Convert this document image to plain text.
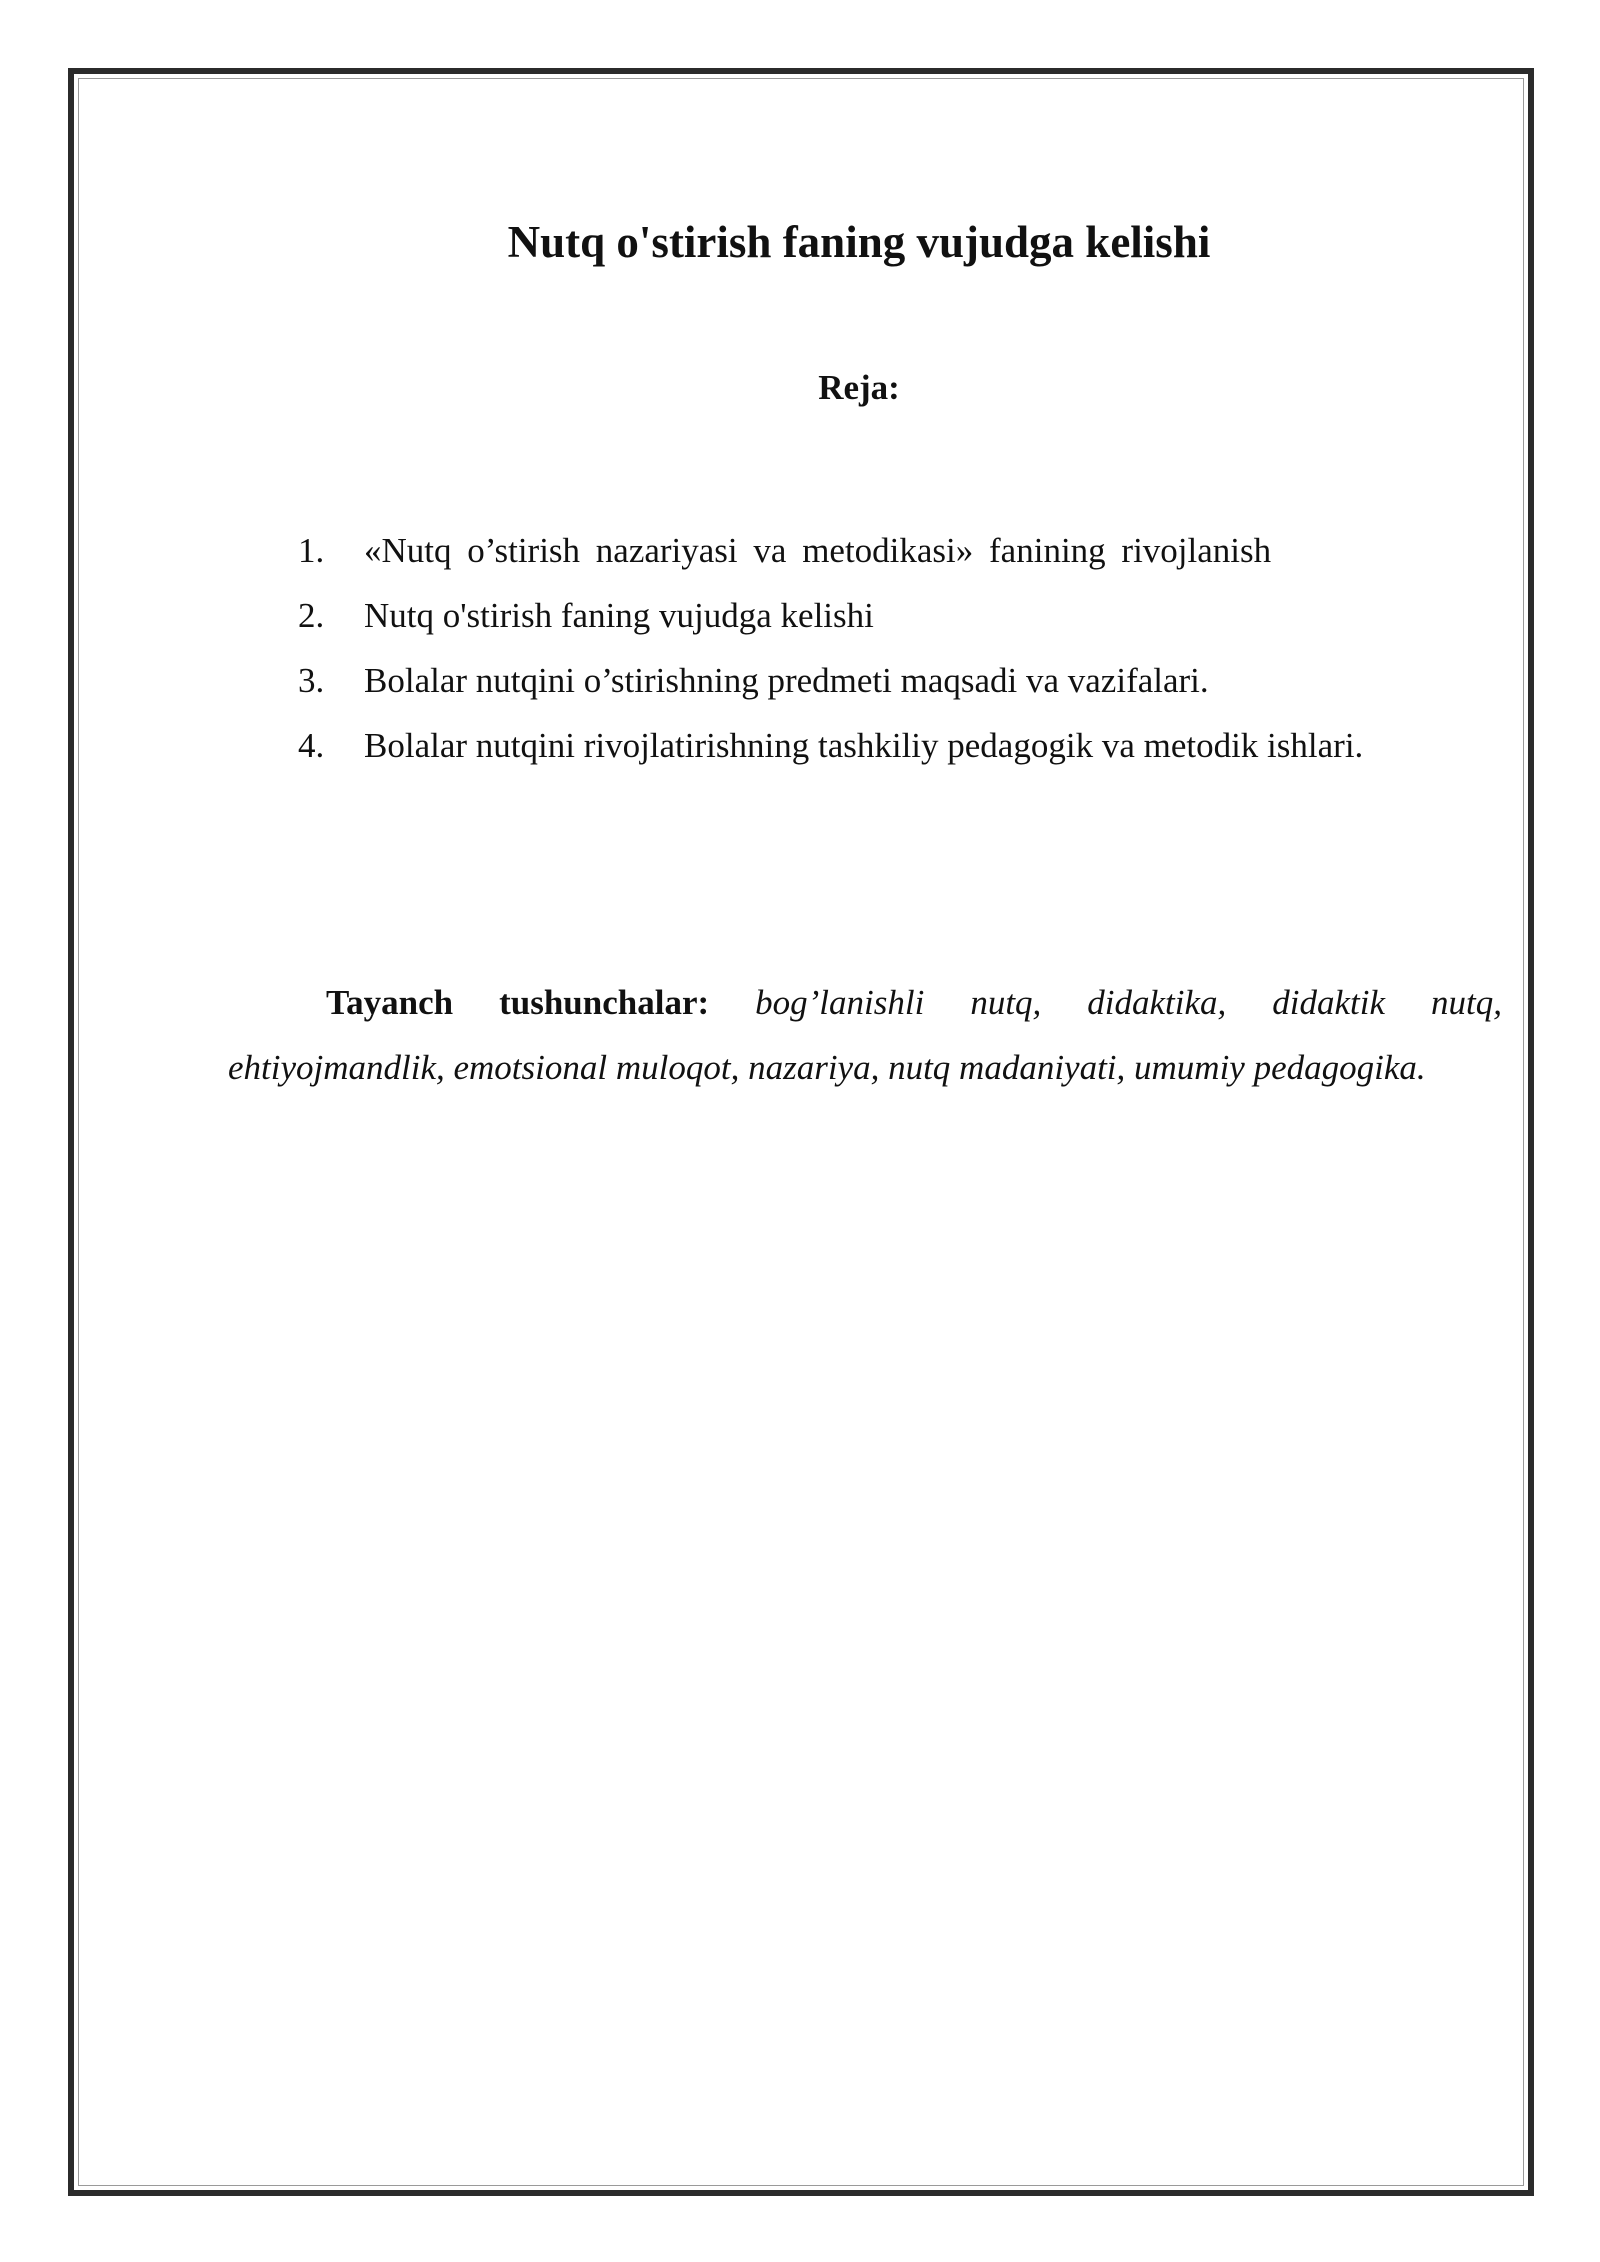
Nutq o'stirish faning vujudga kelishi
Reja:
1.	«Nutq o’stirish nazariyasi va metodikasi» fanining rivojlanish
2.	Nutq o'stirish faning vujudga kelishi
3.	Bolalar nutqini o’stirishning predmeti maqsadi va vazifalari.
4.	Bolalar nutqini rivojlatirishning tashkiliy pedagogik va metodik ishlari.

Tayanch tushunchalar: bog’lanishli nutq, didaktika, didaktik nutq, ehtiyojmandlik, emotsional muloqot, nazariya, nutq madaniyati, umumiy pedagogika.
